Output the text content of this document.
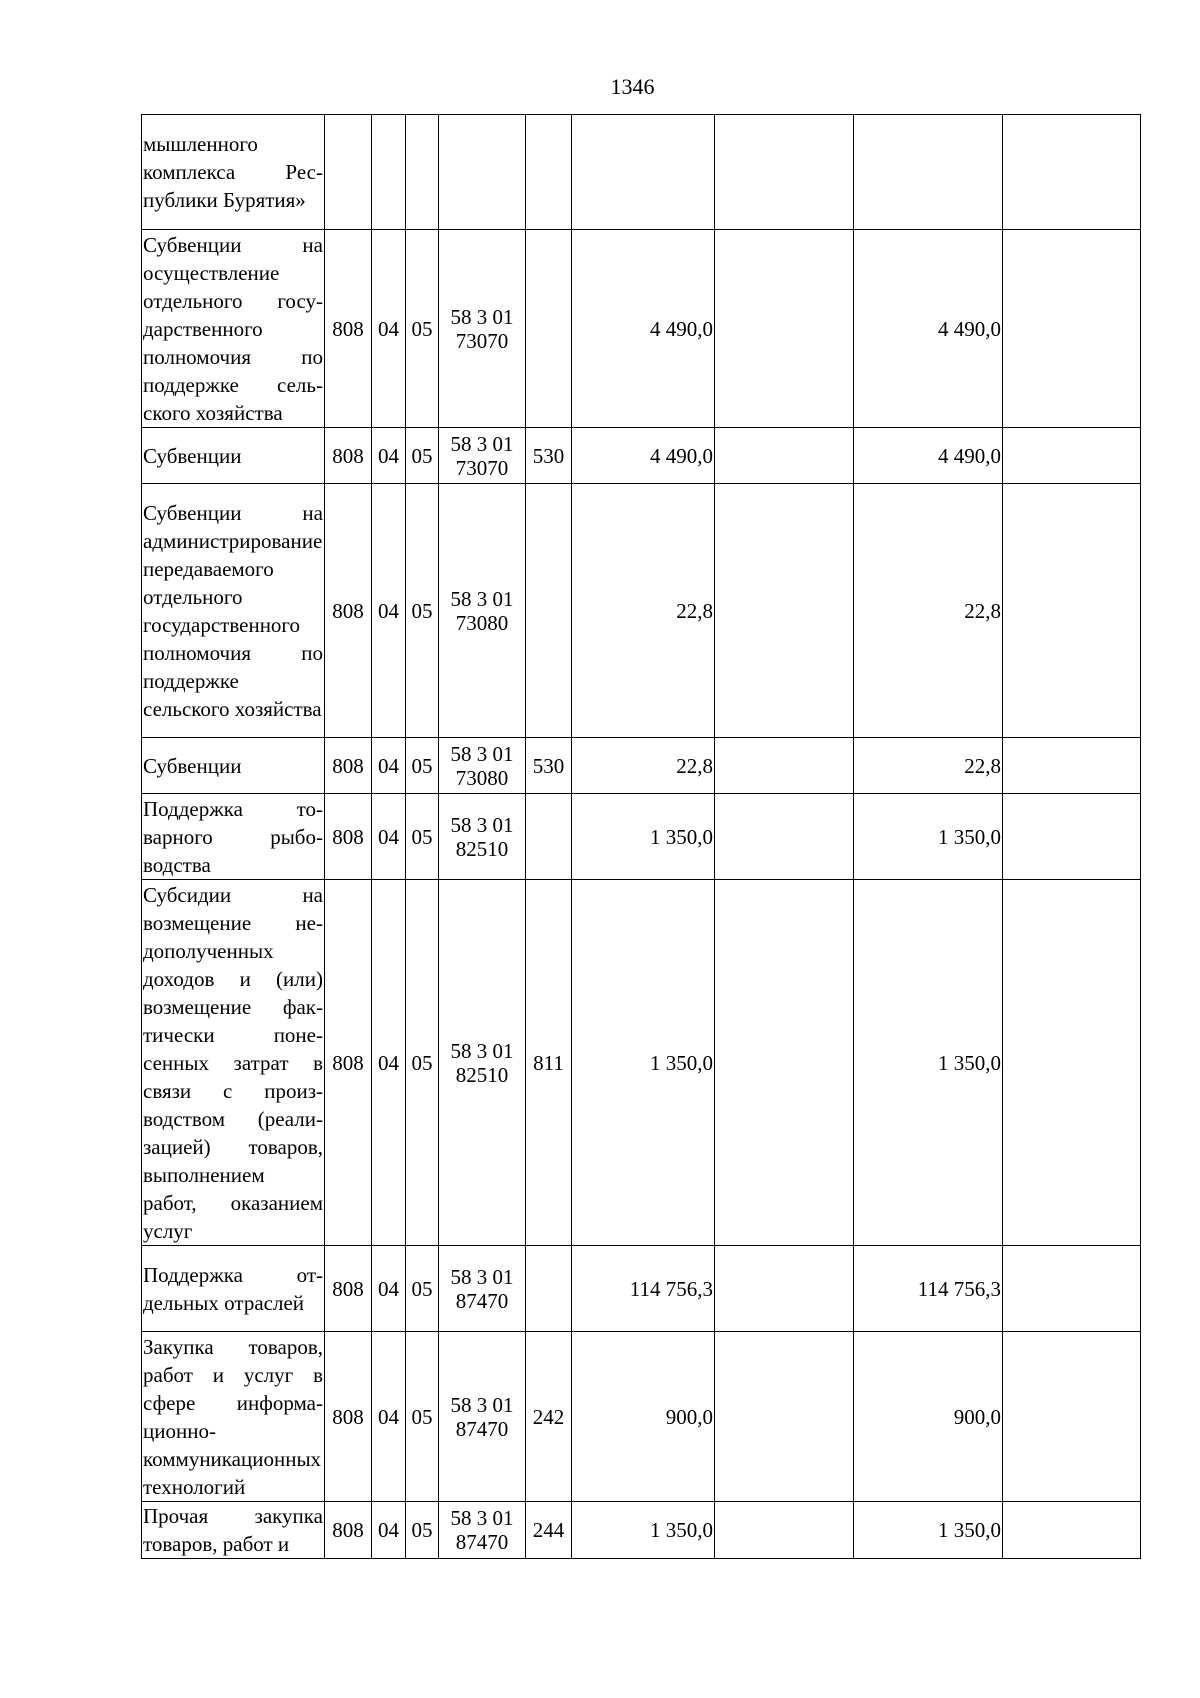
1346
мышленного комплекса Республики Бурятия»									
Субвенции на осуществление отдельного государственного полномочия по поддержке сельского хозяйства	808	04	05	58 3 01 73070		4 490,0		4 490,0	
Субвенции	808	04	05	58 3 01 73070	530	4 490,0		4 490,0	
Субвенции на администрирование передаваемого отдельного государственного полномочия по поддержке сельского хозяйства	808	04	05	58 3 01 73080		22,8		22,8	
Субвенции	808	04	05	58 3 01 73080	530	22,8		22,8	
Поддержка товарного рыбоводства	808	04	05	58 3 01 82510		1 350,0		1 350,0	
Субсидии на возмещение недополученных доходов и (или) возмещение фактически понесенных затрат в связи с производством (реализацией) товаров, выполнением работ, оказанием услуг	808	04	05	58 3 01 82510	811	1 350,0		1 350,0	
Поддержка отдельных отраслей	808	04	05	58 3 01 87470		114 756,3		114 756,3	
Закупка товаров, работ и услуг в сфере информационно-коммуникационных технологий	808	04	05	58 3 01 87470	242	900,0		900,0	
Прочая закупка товаров, работ и	808	04	05	58 3 01 87470	244	1 350,0		1 350,0	
